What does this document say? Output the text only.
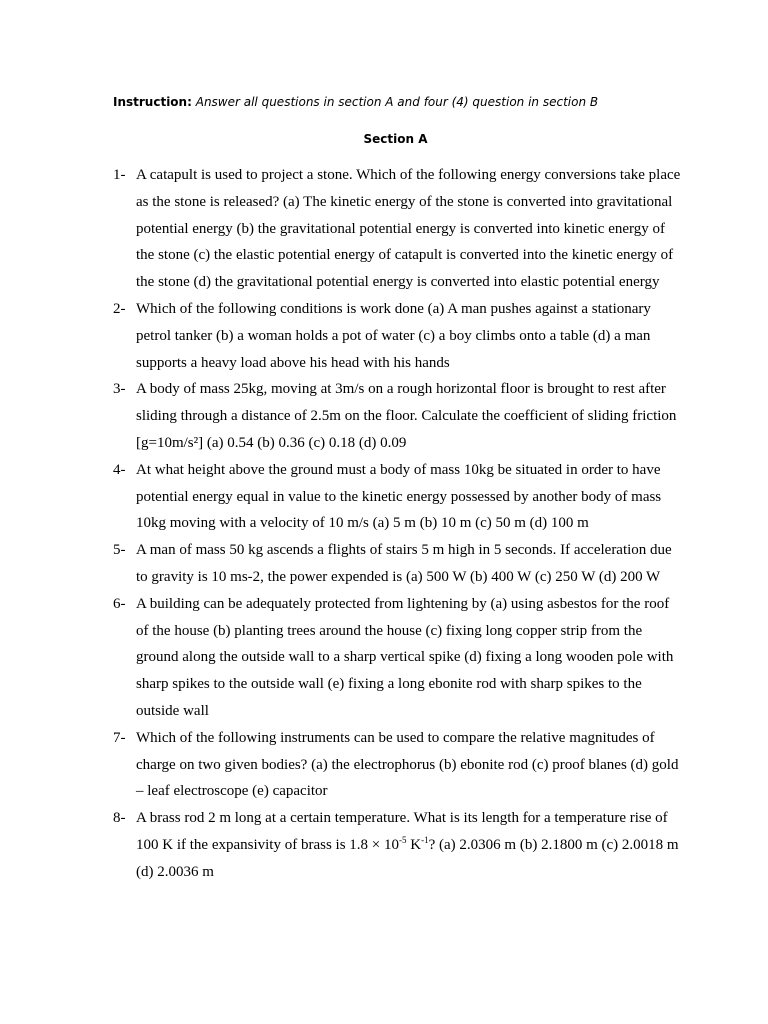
Instruction: Answer all questions in section A and four (4) question in section B
Section A
1- A catapult is used to project a stone. Which of the following energy conversions take place as the stone is released? (a) The kinetic energy of the stone is converted into gravitational potential energy (b) the gravitational potential energy is converted into kinetic energy of the stone (c) the elastic potential energy of catapult is converted into the kinetic energy of the stone (d) the gravitational potential energy is converted into elastic potential energy
2- Which of the following conditions is work done (a) A man pushes against a stationary petrol tanker (b) a woman holds a pot of water (c) a boy climbs onto a table (d) a man supports a heavy load above his head with his hands
3- A body of mass 25kg, moving at 3m/s on a rough horizontal floor is brought to rest after sliding through a distance of 2.5m on the floor. Calculate the coefficient of sliding friction [g=10m/s²] (a) 0.54 (b) 0.36 (c) 0.18 (d) 0.09
4- At what height above the ground must a body of mass 10kg be situated in order to have potential energy equal in value to the kinetic energy possessed by another body of mass 10kg moving with a velocity of 10 m/s (a) 5 m (b) 10 m (c) 50 m (d) 100 m
5- A man of mass 50 kg ascends a flights of stairs 5 m high in 5 seconds. If acceleration due to gravity is 10 ms-2, the power expended is (a) 500 W (b) 400 W (c) 250 W (d) 200 W
6- A building can be adequately protected from lightening by (a) using asbestos for the roof of the house (b) planting trees around the house (c) fixing long copper strip from the ground along the outside wall to a sharp vertical spike (d) fixing a long wooden pole with sharp spikes to the outside wall (e) fixing a long ebonite rod with sharp spikes to the outside wall
7- Which of the following instruments can be used to compare the relative magnitudes of charge on two given bodies? (a) the electrophorus (b) ebonite rod (c) proof blanes (d) gold – leaf electroscope (e) capacitor
8- A brass rod 2 m long at a certain temperature. What is its length for a temperature rise of 100 K if the expansivity of brass is $1.8 \times 10^{-5}$ $K^{-1}$? (a) 2.0306 m (b) 2.1800 m (c) 2.0018 m (d) 2.0036 m
